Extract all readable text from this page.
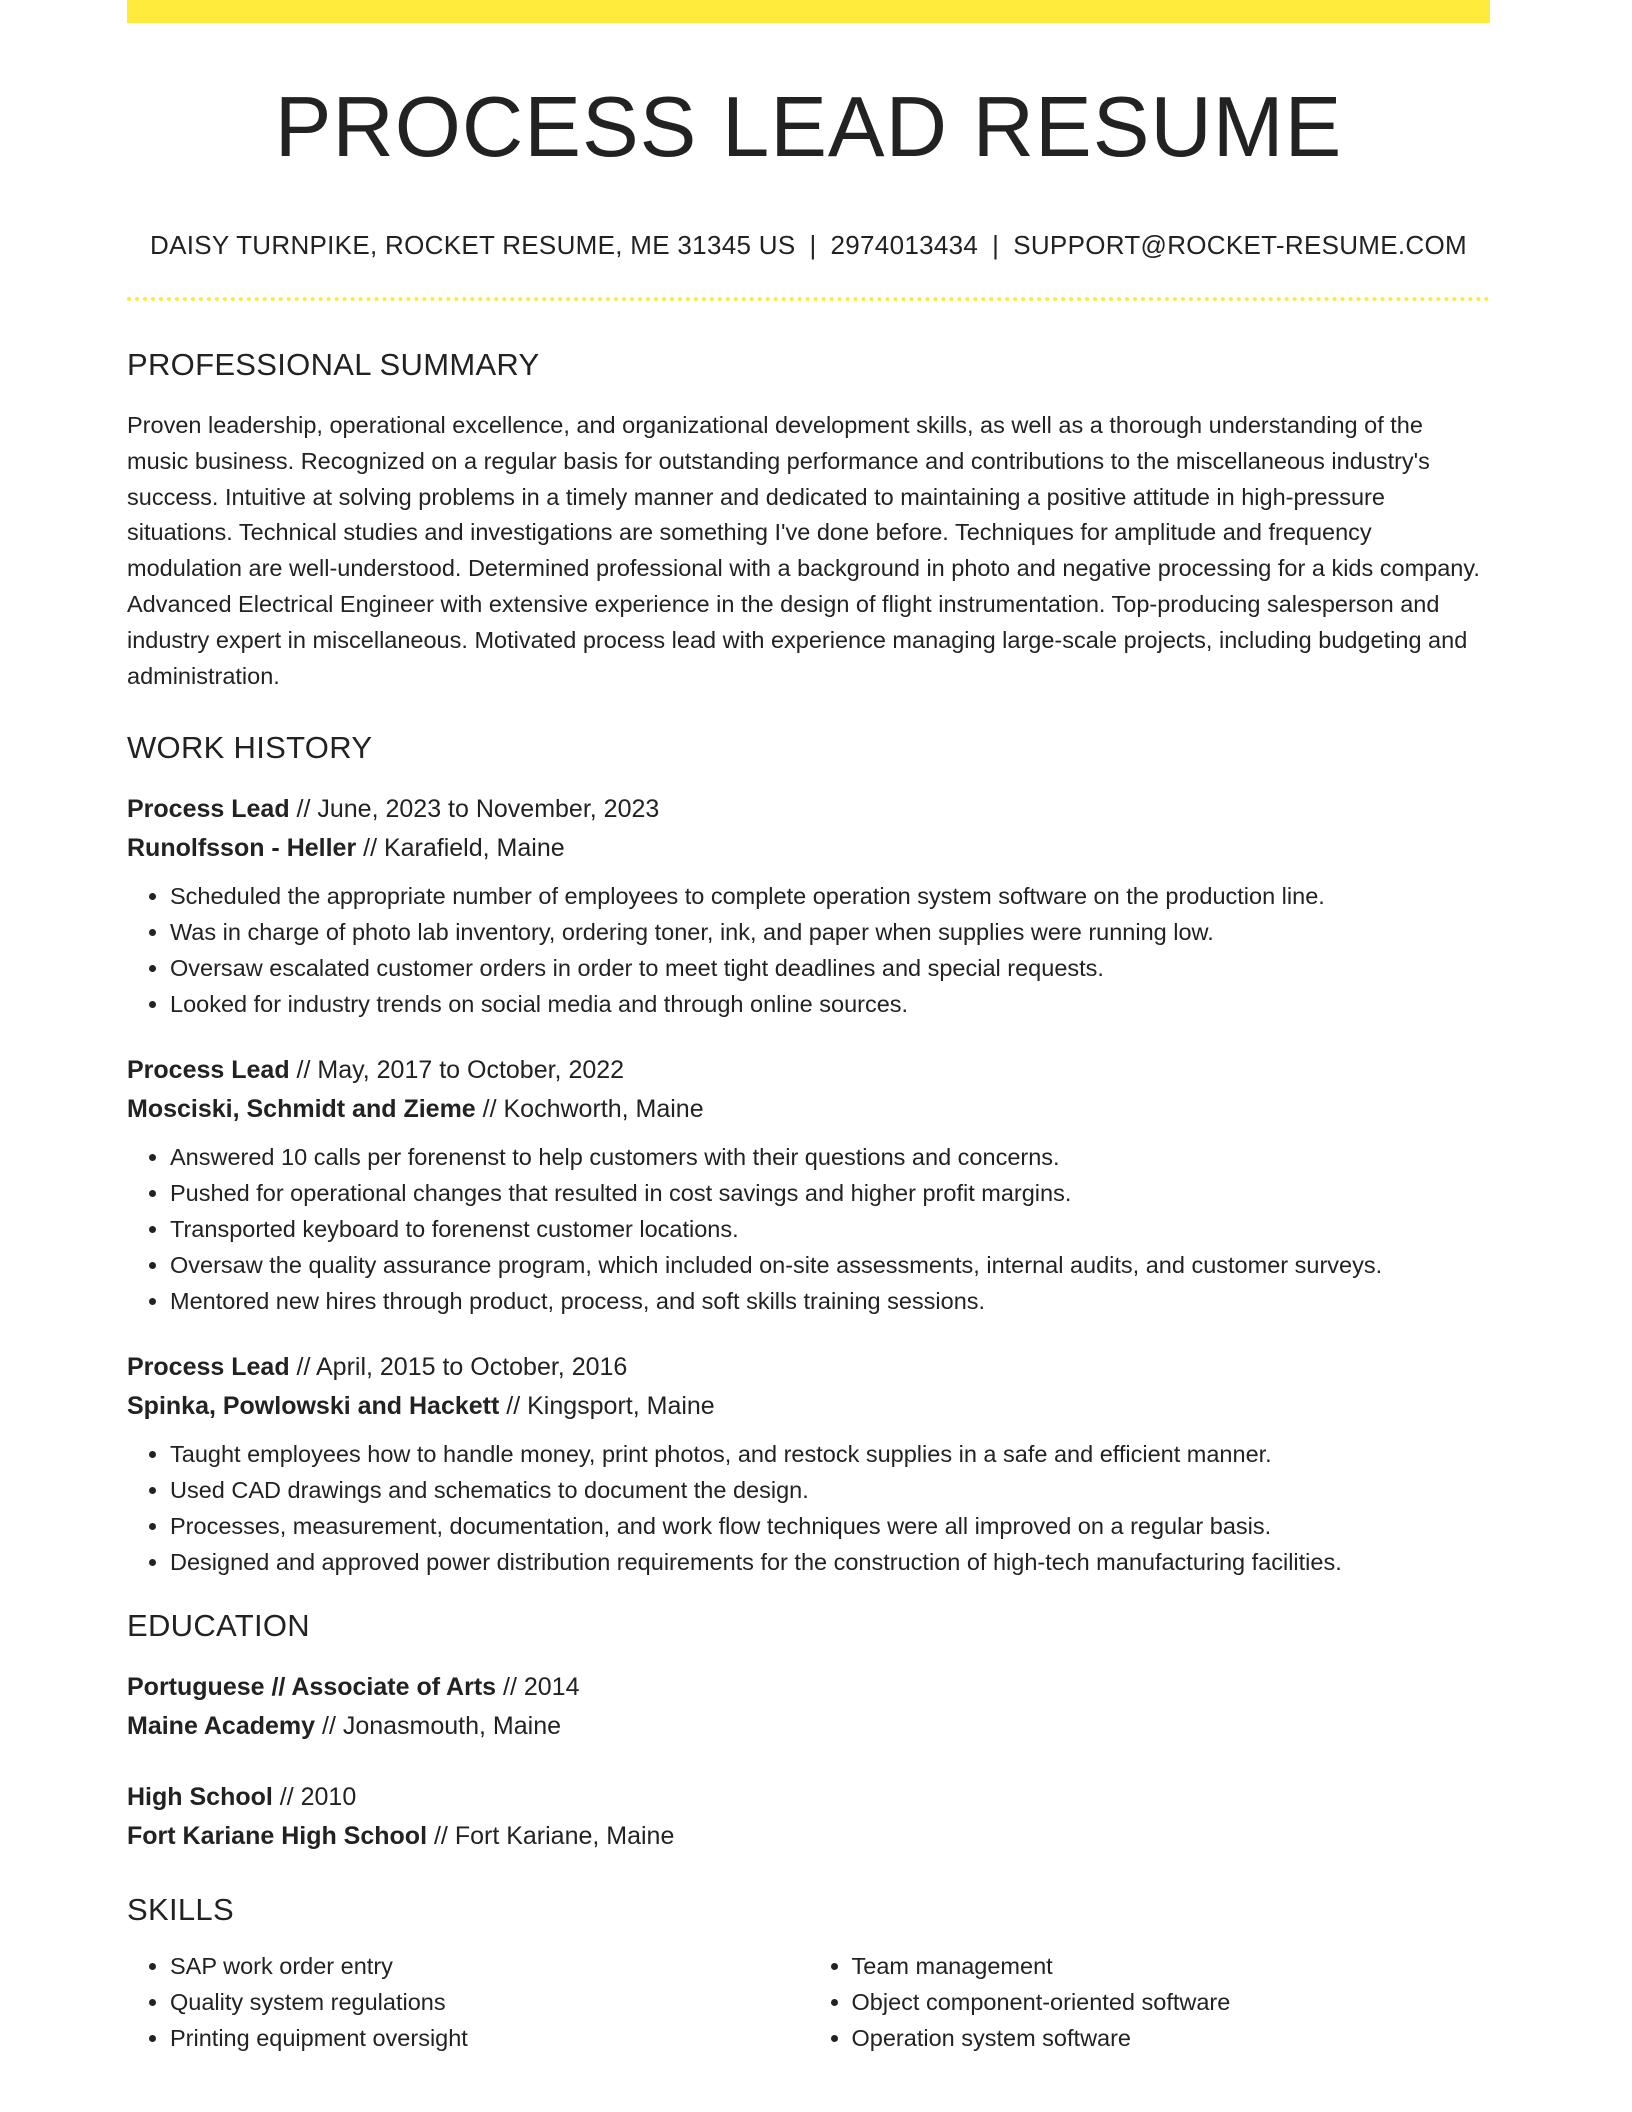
PROCESS LEAD RESUME
DAISY TURNPIKE, ROCKET RESUME, ME 31345 US | 2974013434 | SUPPORT@ROCKET-RESUME.COM
PROFESSIONAL SUMMARY
Proven leadership, operational excellence, and organizational development skills, as well as a thorough understanding of the music business. Recognized on a regular basis for outstanding performance and contributions to the miscellaneous industry's success. Intuitive at solving problems in a timely manner and dedicated to maintaining a positive attitude in high-pressure situations. Technical studies and investigations are something I've done before. Techniques for amplitude and frequency modulation are well-understood. Determined professional with a background in photo and negative processing for a kids company. Advanced Electrical Engineer with extensive experience in the design of flight instrumentation. Top-producing salesperson and industry expert in miscellaneous. Motivated process lead with experience managing large-scale projects, including budgeting and administration.
WORK HISTORY
Process Lead // June, 2023 to November, 2023
Runolfsson - Heller // Karafield, Maine
• Scheduled the appropriate number of employees to complete operation system software on the production line.
• Was in charge of photo lab inventory, ordering toner, ink, and paper when supplies were running low.
• Oversaw escalated customer orders in order to meet tight deadlines and special requests.
• Looked for industry trends on social media and through online sources.
Process Lead // May, 2017 to October, 2022
Mosciski, Schmidt and Zieme // Kochworth, Maine
• Answered 10 calls per forenenst to help customers with their questions and concerns.
• Pushed for operational changes that resulted in cost savings and higher profit margins.
• Transported keyboard to forenenst customer locations.
• Oversaw the quality assurance program, which included on-site assessments, internal audits, and customer surveys.
• Mentored new hires through product, process, and soft skills training sessions.
Process Lead // April, 2015 to October, 2016
Spinka, Powlowski and Hackett // Kingsport, Maine
• Taught employees how to handle money, print photos, and restock supplies in a safe and efficient manner.
• Used CAD drawings and schematics to document the design.
• Processes, measurement, documentation, and work flow techniques were all improved on a regular basis.
• Designed and approved power distribution requirements for the construction of high-tech manufacturing facilities.
EDUCATION
Portuguese // Associate of Arts // 2014
Maine Academy // Jonasmouth, Maine
High School // 2010
Fort Kariane High School // Fort Kariane, Maine
SKILLS
• SAP work order entry
• Quality system regulations
• Printing equipment oversight
• Team management
• Object component-oriented software
• Operation system software
